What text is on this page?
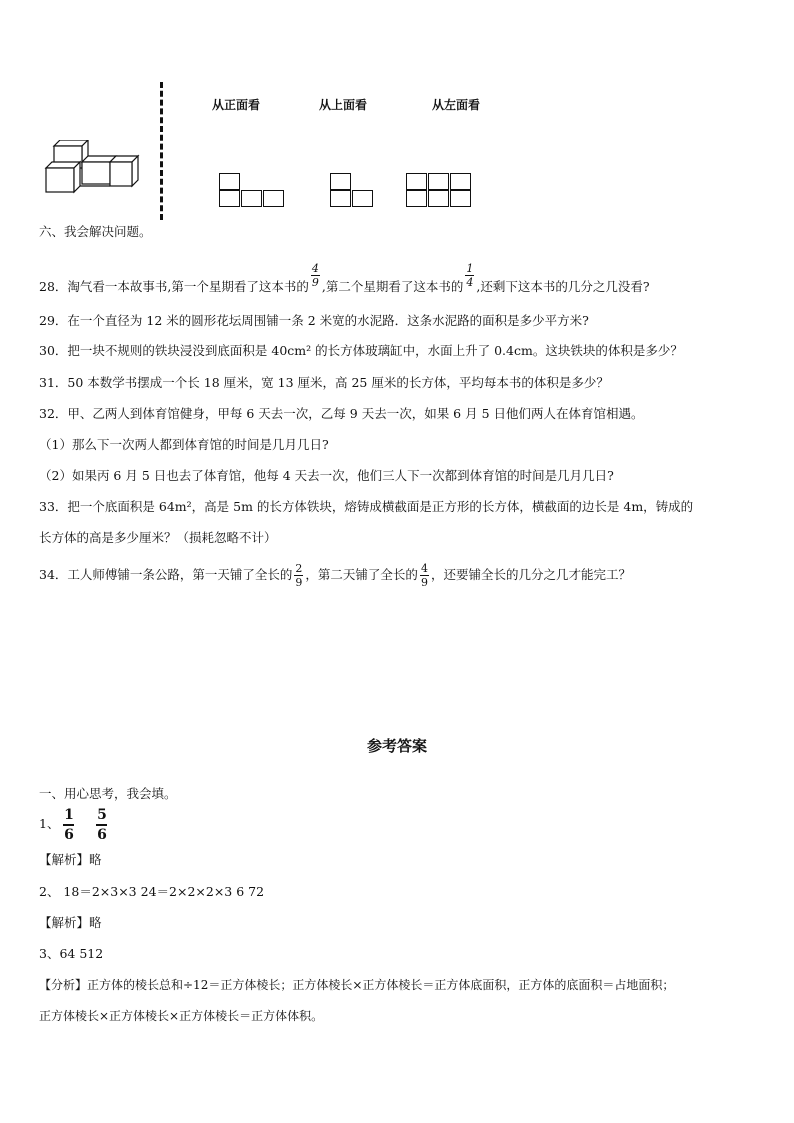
从正面看	从上面看	从左面看
六、我会解决问题。
28．淘气看一本故事书,第一个星期看了这本书的 $\frac{4}{9}$ ,第二个星期看了这本书的 $\frac{1}{4}$ ,还剩下这本书的几分之几没看?
29．在一个直径为 12 米的圆形花坛周围铺一条 2 米宽的水泥路．这条水泥路的面积是多少平方米?
30．把一块不规则的铁块浸没到底面积是 40cm² 的长方体玻璃缸中，水面上升了 0.4cm。这块铁块的体积是多少？
31．50 本数学书摆成一个长 18 厘米，宽 13 厘米，高 25 厘米的长方体，平均每本书的体积是多少？
32．甲、乙两人到体育馆健身，甲每 6 天去一次，乙每 9 天去一次，如果 6 月 5 日他们两人在体育馆相遇。
（1）那么下一次两人都到体育馆的时间是几月几日?
（2）如果丙 6 月 5 日也去了体育馆，他每 4 天去一次，他们三人下一次都到体育馆的时间是几月几日?
33．把一个底面积是 64m²，高是 5m 的长方体铁块，熔铸成横截面是正方形的长方体，横截面的边长是 4m，铸成的
长方体的高是多少厘米？（损耗忽略不计）
34．工人师傅铺一条公路，第一天铺了全长的 $\frac{2}{9}$ ，第二天铺了全长的 $\frac{4}{9}$ ，还要铺全长的几分之几才能完工？
参考答案
一、用心思考，我会填。
1、 $\frac{1}{6} \frac{5}{6}$
【解析】略
2、 18＝2×3×3 24＝2×2×2×3 6 72
【解析】略
3、64 512
【分析】正方体的棱长总和÷12＝正方体棱长；正方体棱长×正方体棱长＝正方体底面积，正方体的底面积＝占地面积；
正方体棱长×正方体棱长×正方体棱长＝正方体体积。
